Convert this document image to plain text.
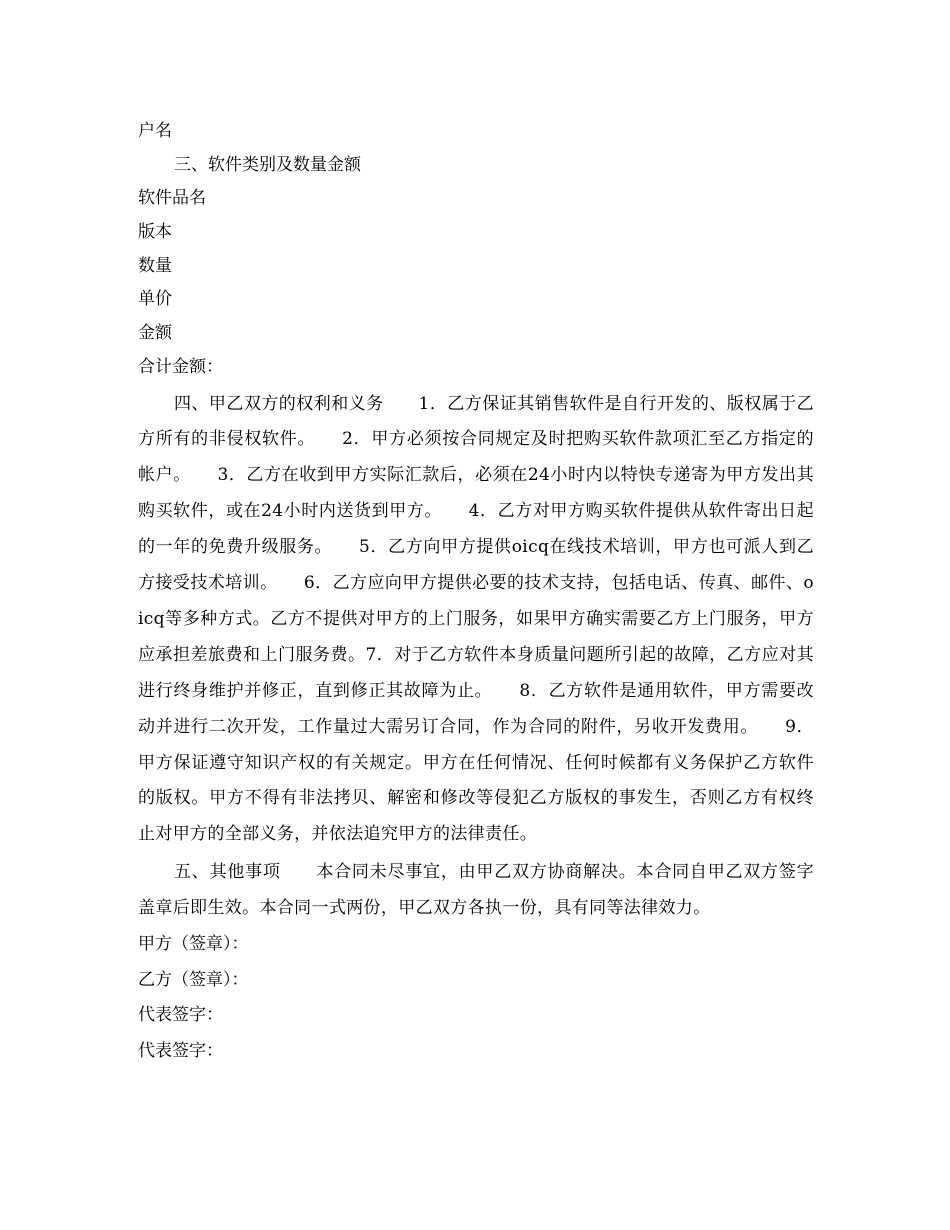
户名

三、软件类别及数量金额

软件品名

版本

数量

单价

金额

合计金额：

四、甲乙双方的权利和义务　　1．乙方保证其销售软件是自行开发的、版权属于乙方所有的非侵权软件。　　2．甲方必须按合同规定及时把购买软件款项汇至乙方指定的帐户。　　3．乙方在收到甲方实际汇款后，必须在24小时内以特快专递寄为甲方发出其购买软件，或在24小时内送货到甲方。　　4．乙方对甲方购买软件提供从软件寄出日起的一年的免费升级服务。　　5．乙方向甲方提供oicq在线技术培训，甲方也可派人到乙方接受技术培训。　　6．乙方应向甲方提供必要的技术支持，包括电话、传真、邮件、oicq等多种方式。乙方不提供对甲方的上门服务，如果甲方确实需要乙方上门服务，甲方应承担差旅费和上门服务费。7．对于乙方软件本身质量问题所引起的故障，乙方应对其进行终身维护并修正，直到修正其故障为止。　　8．乙方软件是通用软件，甲方需要改动并进行二次开发，工作量过大需另订合同，作为合同的附件，另收开发费用。　　9．甲方保证遵守知识产权的有关规定。甲方在任何情况、任何时候都有义务保护乙方软件的版权。甲方不得有非法拷贝、解密和修改等侵犯乙方版权的事发生，否则乙方有权终止对甲方的全部义务，并依法追究甲方的法律责任。

五、其他事项　　本合同未尽事宜，由甲乙双方协商解决。本合同自甲乙双方签字盖章后即生效。本合同一式两份，甲乙双方各执一份，具有同等法律效力。

甲方（签章）：

乙方（签章）：

代表签字：

代表签字：
